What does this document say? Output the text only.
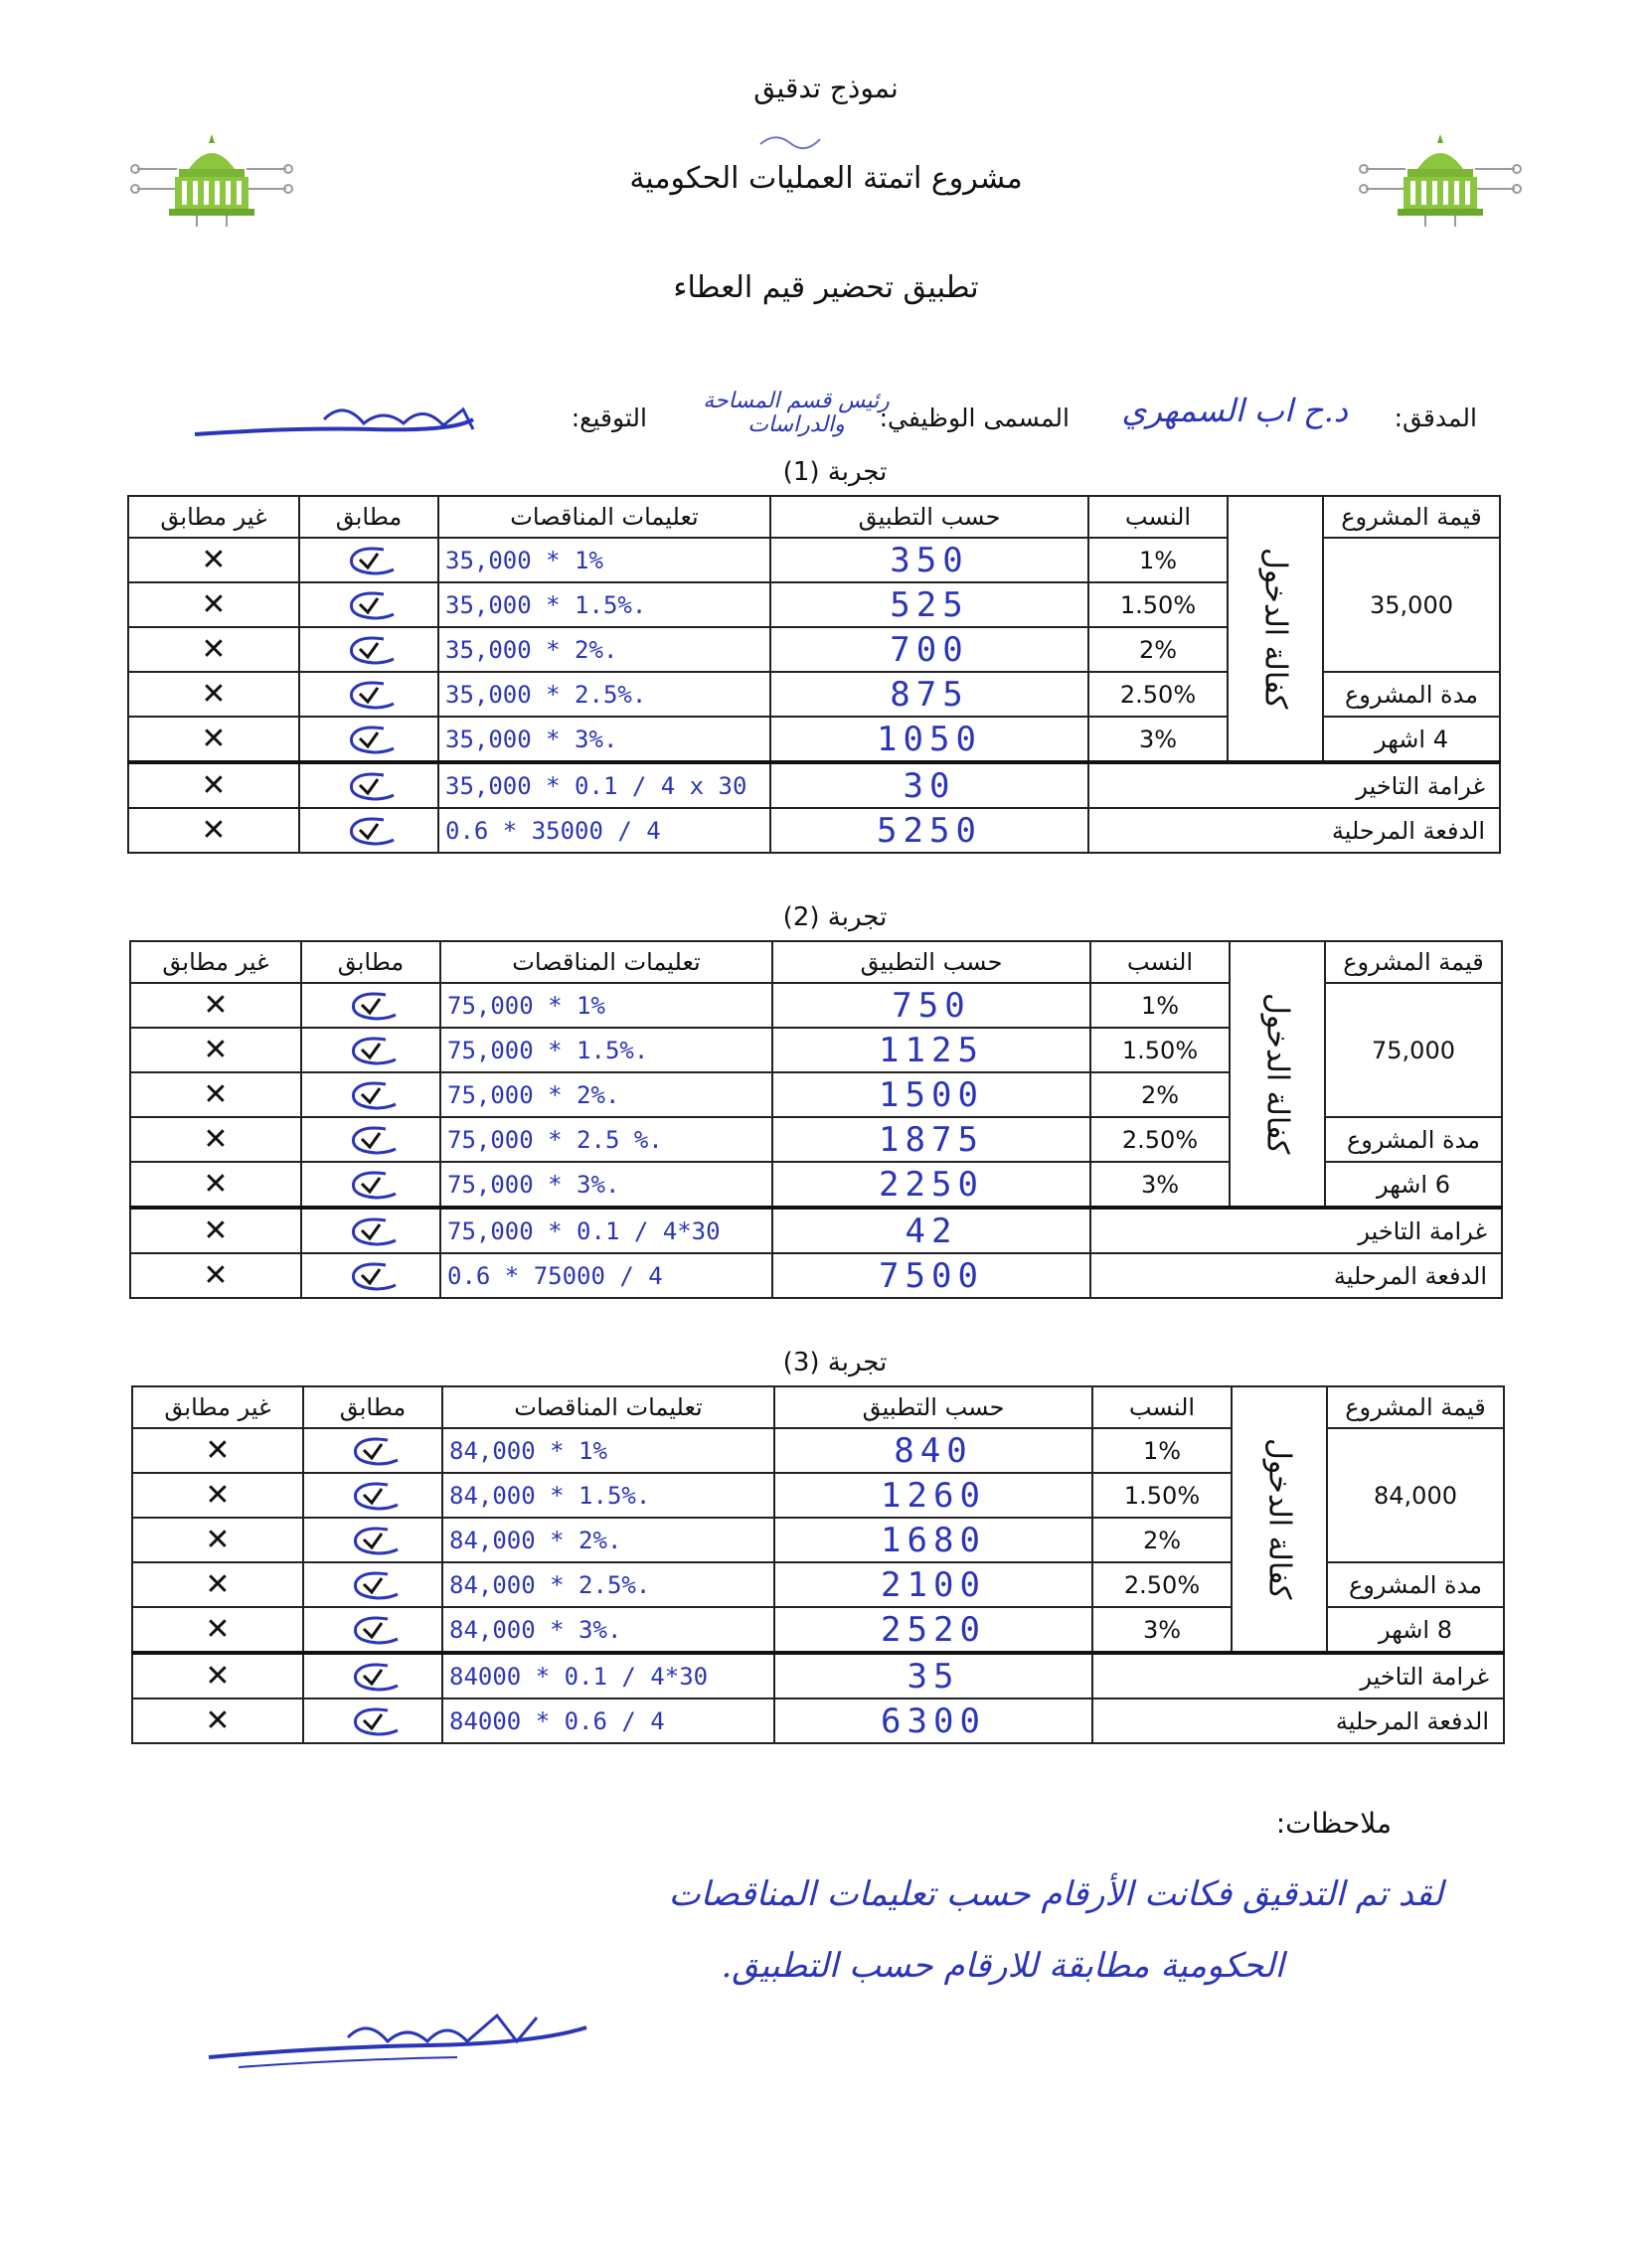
نموذج تدقيق
مشروع اتمتة العمليات الحكومية
تطبيق تحضير قيم العطاء
المدقق:
د.ح اب السمهري
المسمى الوظيفي:
رئيس قسم المساحة والدراسات
التوقيع:
تجربة (1)
قيمة المشروع	كفالة الدخول	النسب	حسب التطبيق	تعليمات المناقصات	مطابق	غير مطابق
35,000		1%	350	35,000 * 1%		✕
		1.50%	525	35,000 * 1.5%.		✕
		2%	700	35,000 * 2%.		✕
مدة المشروع		2.50%	875	35,000 * 2.5%.		✕
4 اشهر		3%	1050	35,000 * 3%.		✕
غرامة التاخير			30	35,000 * 0.1 / 4 x 30		✕
الدفعة المرحلية			5250	0.6 * 35000 / 4		✕
تجربة (2)
قيمة المشروع	كفالة الدخول	النسب	حسب التطبيق	تعليمات المناقصات	مطابق	غير مطابق
75,000		1%	750	75,000 * 1%		✕
		1.50%	1125	75,000 * 1.5%.		✕
		2%	1500	75,000 * 2%.		✕
مدة المشروع		2.50%	1875	75,000 * 2.5 %.		✕
6 اشهر		3%	2250	75,000 * 3%.		✕
غرامة التاخير			42	75,000 * 0.1 / 4*30		✕
الدفعة المرحلية			7500	0.6 * 75000 / 4		✕
تجربة (3)
قيمة المشروع	كفالة الدخول	النسب	حسب التطبيق	تعليمات المناقصات	مطابق	غير مطابق
84,000		1%	840	84,000 * 1%		✕
		1.50%	1260	84,000 * 1.5%.		✕
		2%	1680	84,000 * 2%.		✕
مدة المشروع		2.50%	2100	84,000 * 2.5%.		✕
8 اشهر		3%	2520	84,000 * 3%.		✕
غرامة التاخير			35	84000 * 0.1 / 4*30		✕
الدفعة المرحلية			6300	84000 * 0.6 / 4		✕
ملاحظات:
لقد تم التدقيق فكانت الأرقام حسب تعليمات المناقصات
الحكومية مطابقة للارقام حسب التطبيق.
